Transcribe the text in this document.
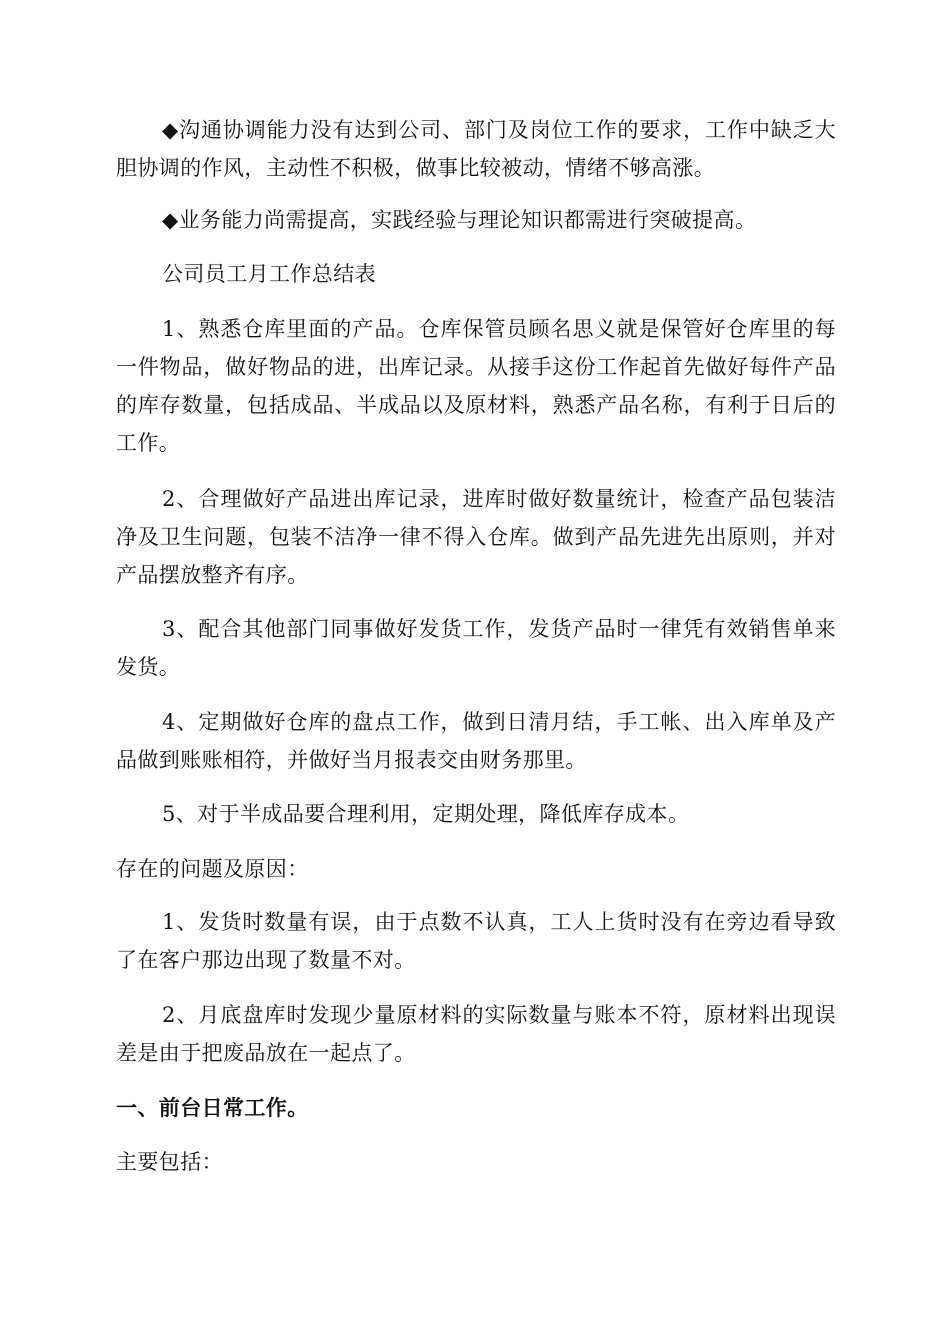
◆沟通协调能力没有达到公司、部门及岗位工作的要求，工作中缺乏大胆协调的作风，主动性不积极，做事比较被动，情绪不够高涨。

◆业务能力尚需提高，实践经验与理论知识都需进行突破提高。

公司员工月工作总结表

1、熟悉仓库里面的产品。仓库保管员顾名思义就是保管好仓库里的每一件物品，做好物品的进，出库记录。从接手这份工作起首先做好每件产品的库存数量，包括成品、半成品以及原材料，熟悉产品名称，有利于日后的工作。

2、合理做好产品进出库记录，进库时做好数量统计，检查产品包装洁净及卫生问题，包装不洁净一律不得入仓库。做到产品先进先出原则，并对产品摆放整齐有序。

3、配合其他部门同事做好发货工作，发货产品时一律凭有效销售单来发货。

4、定期做好仓库的盘点工作，做到日清月结，手工帐、出入库单及产品做到账账相符，并做好当月报表交由财务那里。

5、对于半成品要合理利用，定期处理，降低库存成本。

存在的问题及原因：

1、发货时数量有误，由于点数不认真，工人上货时没有在旁边看导致了在客户那边出现了数量不对。

2、月底盘库时发现少量原材料的实际数量与账本不符，原材料出现误差是由于把废品放在一起点了。

一、前台日常工作。

主要包括：
